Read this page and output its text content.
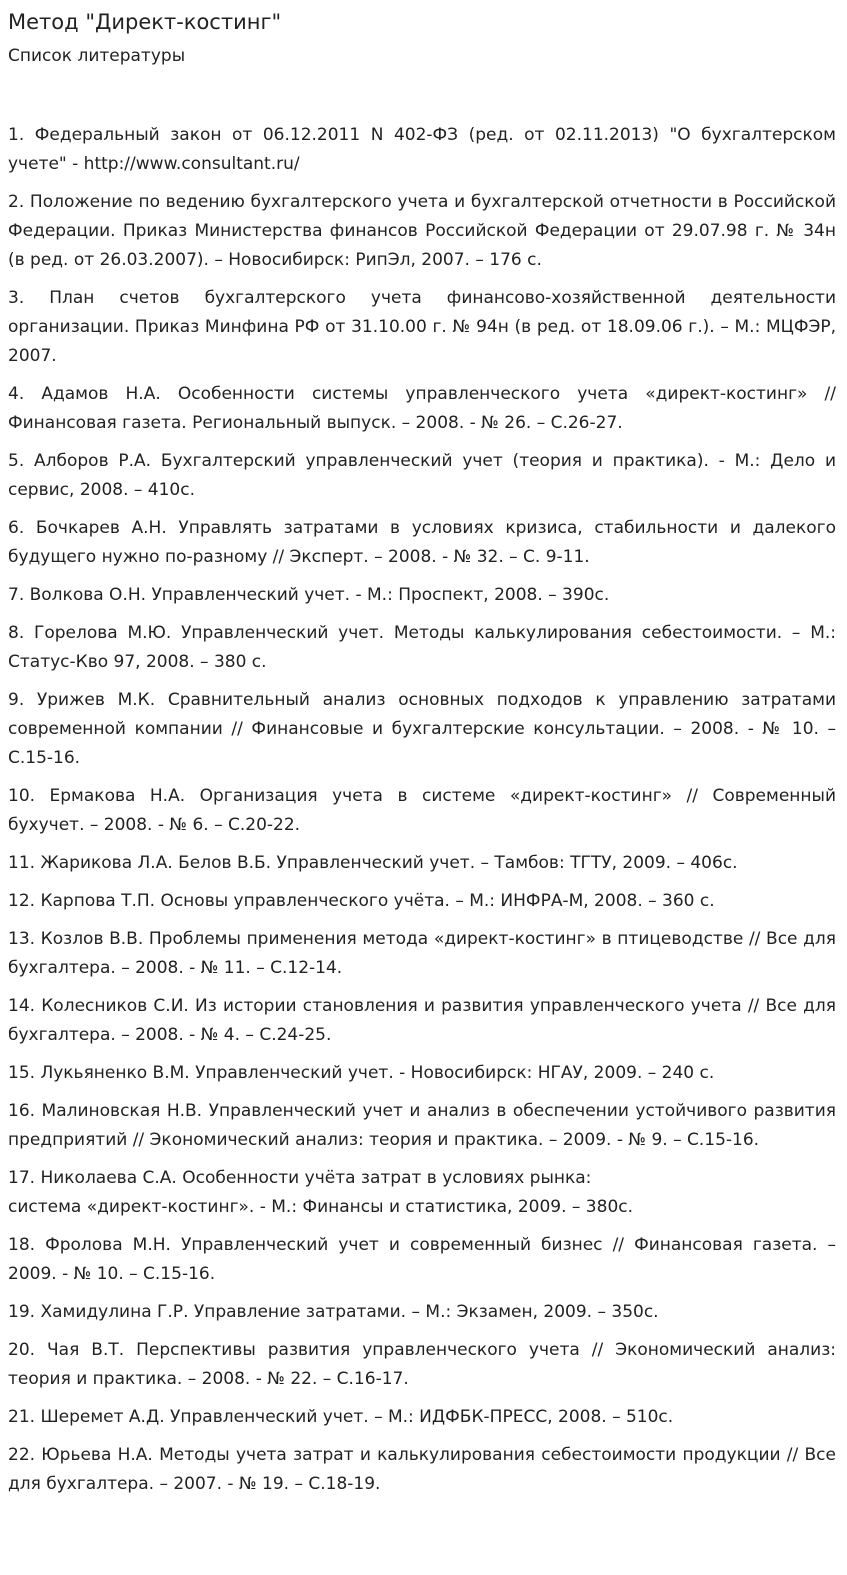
Метод "Директ-костинг"
Список литературы
1. Федеральный закон от 06.12.2011 N 402-ФЗ (ред. от 02.11.2013) "О бухгалтерском учете" - http://www.consultant.ru/
2. Положение по ведению бухгалтерского учета и бухгалтерской отчетности в Российской Федерации. Приказ Министерства финансов Российской Федерации от 29.07.98 г. № 34н (в ред. от 26.03.2007). – Новосибирск: РипЭл, 2007. – 176 с.
3. План счетов бухгалтерского учета финансово-хозяйственной деятельности организации. Приказ Минфина РФ от 31.10.00 г. № 94н (в ред. от 18.09.06 г.). – М.: МЦФЭР, 2007.
4. Адамов Н.А. Особенности системы управленческого учета «директ-костинг» // Финансовая газета. Региональный выпуск. – 2008. - № 26. – С.26-27.
5. Алборов Р.А. Бухгалтерский управленческий учет (теория и практика). - М.: Дело и сервис, 2008. – 410с.
6. Бочкарев А.Н. Управлять затратами в условиях кризиса, стабильности и далекого будущего нужно по-разному // Эксперт. – 2008. - № 32. – С. 9-11.
7. Волкова О.Н. Управленческий учет. - М.: Проспект, 2008. – 390с.
8. Горелова М.Ю. Управленческий учет. Методы калькулирования себестоимости. – М.: Статус-Кво 97, 2008. – 380 с.
9. Урижев М.К. Сравнительный анализ основных подходов к управлению затратами современной компании // Финансовые и бухгалтерские консультации. – 2008. - № 10. – С.15-16.
10. Ермакова Н.А. Организация учета в системе «директ-костинг» // Современный бухучет. – 2008. - № 6. – С.20-22.
11. Жарикова Л.А. Белов В.Б. Управленческий учет. – Тамбов: ТГТУ, 2009. – 406с.
12. Карпова Т.П. Основы управленческого учёта. – М.: ИНФРА-М, 2008. – 360 с.
13. Козлов В.В. Проблемы применения метода «директ-костинг» в птицеводстве // Все для бухгалтера. – 2008. - № 11. – С.12-14.
14. Колесников С.И. Из истории становления и развития управленческого учета // Все для бухгалтера. – 2008. - № 4. – С.24-25.
15. Лукьяненко В.М. Управленческий учет. - Новосибирск: НГАУ, 2009. – 240 с.
16. Малиновская Н.В. Управленческий учет и анализ в обеспечении устойчивого развития предприятий // Экономический анализ: теория и практика. – 2009. - № 9. – С.15-16.
17. Николаева С.А. Особенности учёта затрат в условиях рынка:
система «директ-костинг». - М.: Финансы и статистика, 2009. – 380с.
18. Фролова М.Н. Управленческий учет и современный бизнес // Финансовая газета. – 2009. - № 10. – С.15-16.
19. Хамидулина Г.Р. Управление затратами. – М.: Экзамен, 2009. – 350с.
20. Чая В.Т. Перспективы развития управленческого учета // Экономический анализ: теория и практика. – 2008. - № 22. – С.16-17.
21. Шеремет А.Д. Управленческий учет. – М.: ИДФБК-ПРЕСС, 2008. – 510с.
22. Юрьева Н.А. Методы учета затрат и калькулирования себестоимости продукции // Все для бухгалтера. – 2007. - № 19. – С.18-19.
